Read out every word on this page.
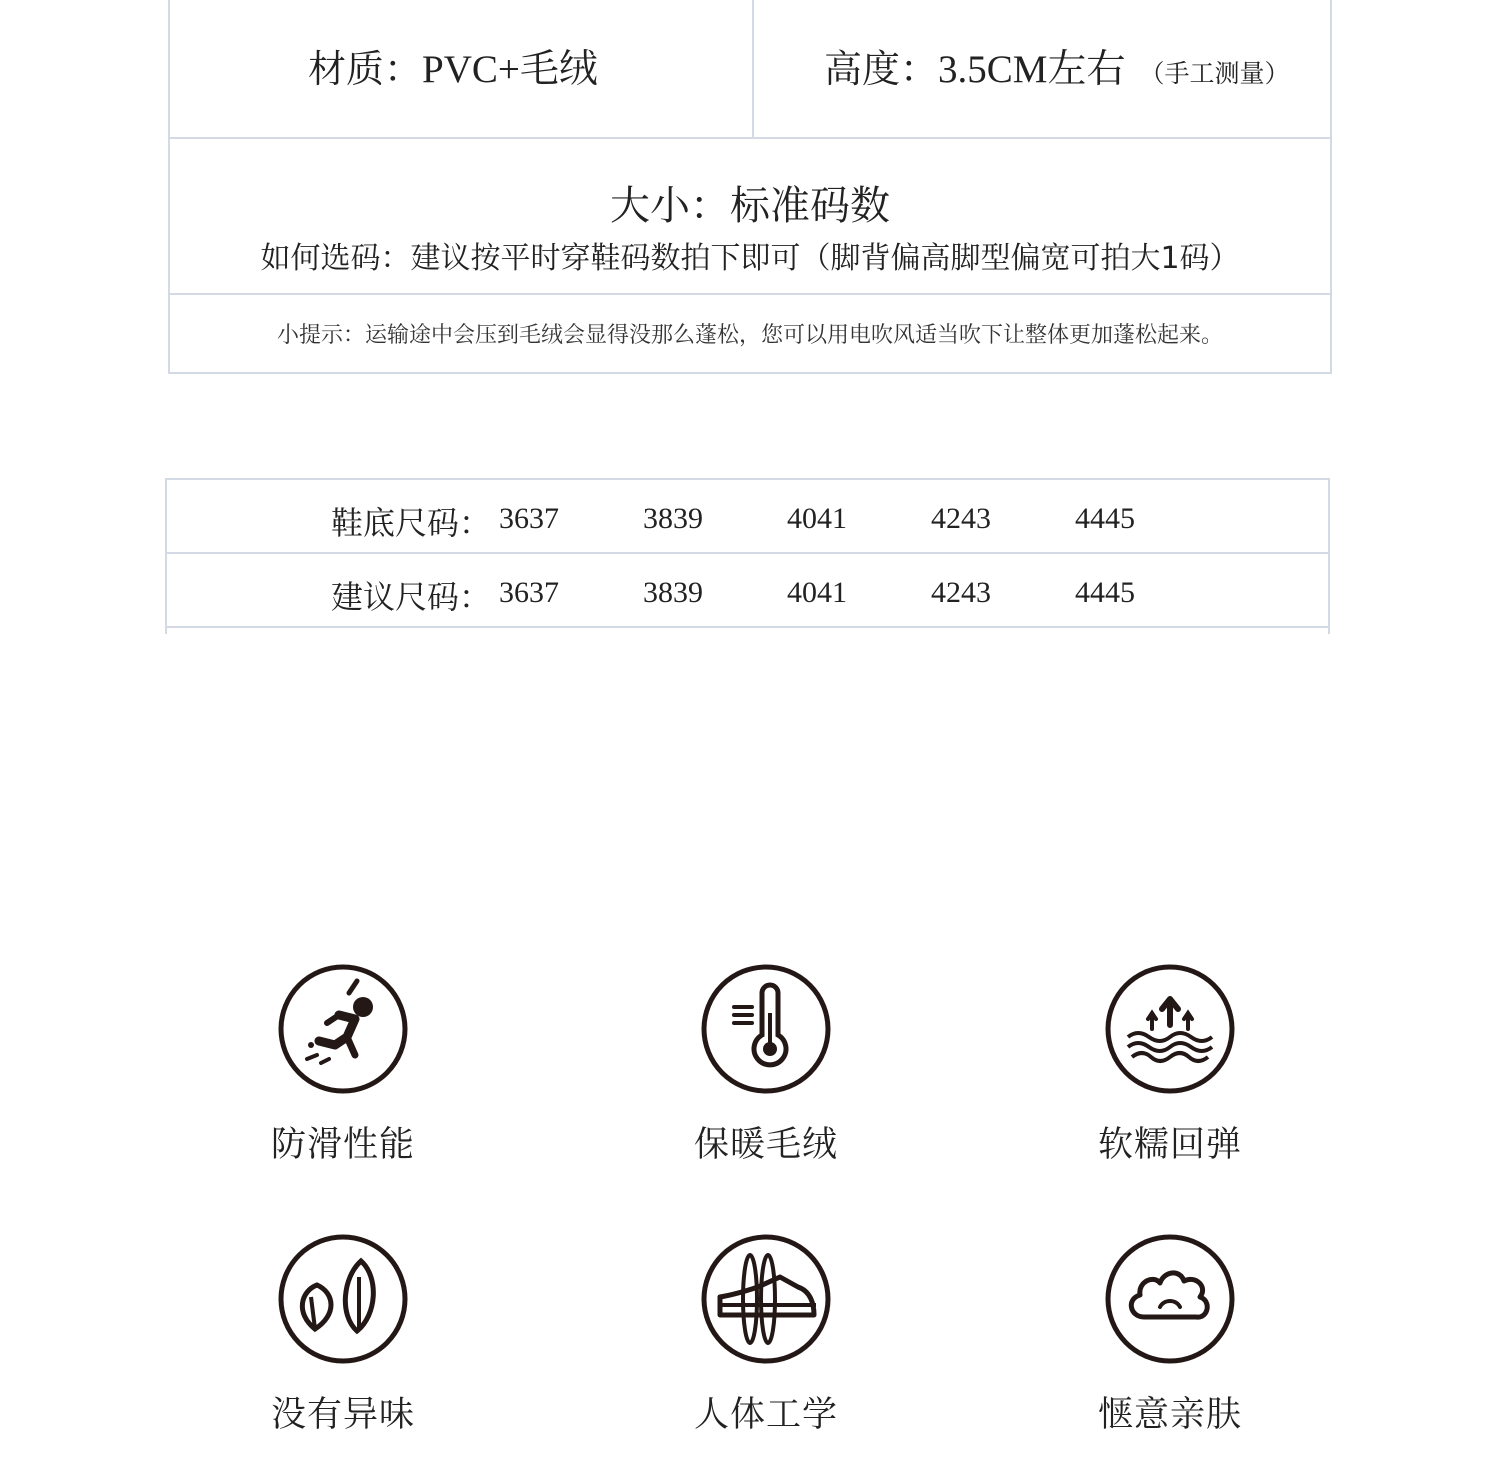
材质：PVC+毛绒	高度：3.5CM左右 （手工测量）
大小：标准码数
如何选码：建议按平时穿鞋码数拍下即可（脚背偏高脚型偏宽可拍大1码）
小提示：运输途中会压到毛绒会显得没那么蓬松，您可以用电吹风适当吹下让整体更加蓬松起来。
鞋底尺码： 3637	3839	4041	4243	4445
建议尺码： 3637	3839	4041	4243	4445
防滑性能	保暖毛绒	软糯回弹
没有异味	人体工学	惬意亲肤
